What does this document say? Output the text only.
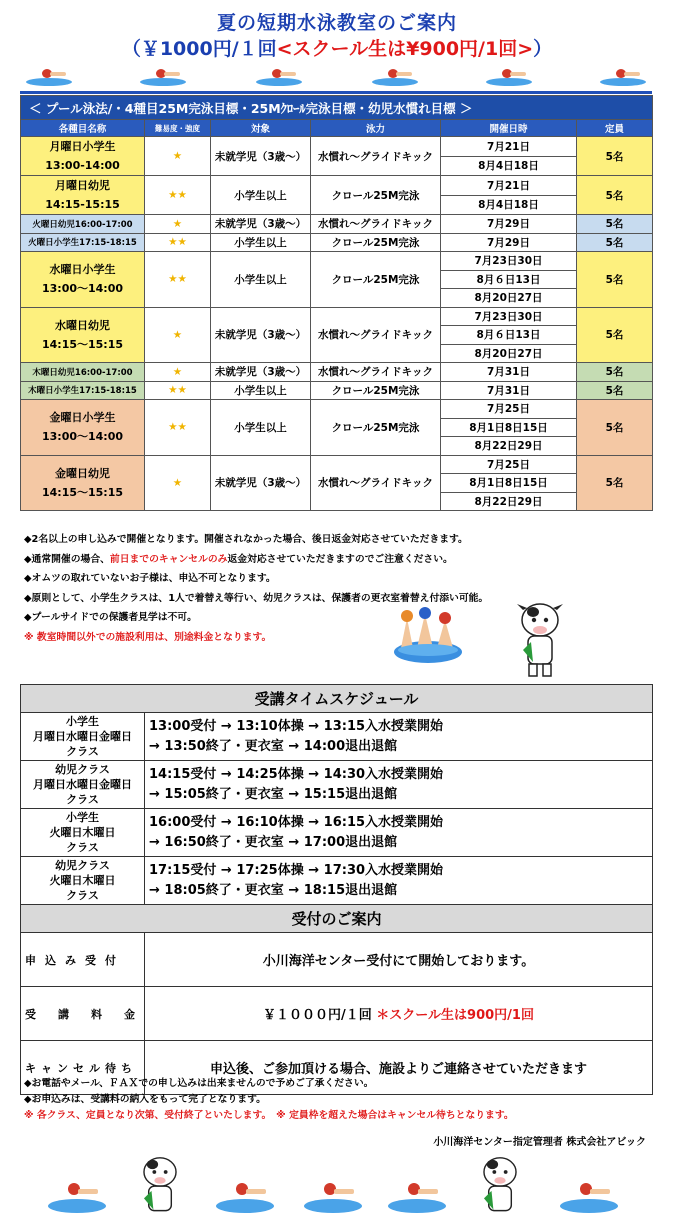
夏の短期水泳教室のご案内
（￥1000円/１回<スクール生は¥900円/1回>）
＜ プール泳法/・4種目25M完泳目標・25Mｸﾛｰﾙ完泳目標・幼児水慣れ目標 ＞					
各種目名称	難易度・強度	対象	泳力	開催日時	定員
月曜日小学生
13:00-14:00	★	未就学児（3歳～）	水慣れ～グライドキック	7月21日	5名
				8月4日18日	
月曜日幼児
14:15-15:15	★★	小学生以上	クロール25M完泳	7月21日	5名
				8月4日18日	
火曜日幼児16:00-17:00	★	未就学児（3歳～）	水慣れ～グライドキック	7月29日	5名
火曜日小学生17:15-18:15	★★	小学生以上	クロール25M完泳	7月29日	5名
水曜日小学生
13:00～14:00	★★	小学生以上	クロール25M完泳	7月23日30日	5名
				8月６日13日	
				8月20日27日	
水曜日幼児
14:15～15:15	★	未就学児（3歳～）	水慣れ～グライドキック	7月23日30日	5名
				8月６日13日	
				8月20日27日	
木曜日幼児16:00-17:00	★	未就学児（3歳～）	水慣れ～グライドキック	7月31日	5名
木曜日小学生17:15-18:15	★★	小学生以上	クロール25M完泳	7月31日	5名
金曜日小学生
13:00～14:00	★★	小学生以上	クロール25M完泳	7月25日	5名
				8月1日8日15日	
				8月22日29日	
金曜日幼児
14:15～15:15	★	未就学児（3歳～）	水慣れ～グライドキック	7月25日	5名
				8月1日8日15日	
				8月22日29日	
◆2名以上の申し込みで開催となります。開催されなかった場合、後日返金対応させていただきます。
◆通常開催の場合、前日までのキャンセルのみ返金対応させていただきますのでご注意ください。
◆オムツの取れていないお子様は、申込不可となります。
◆原則として、小学生クラスは、1人で着替え等行い、幼児クラスは、保護者の更衣室着替え付添い可能。
◆プールサイドでの保護者見学は不可。
※ 教室時間以外での施設利用は、別途料金となります。
受講タイムスケジュール	
小学生
月曜日水曜日金曜日
クラス	13:00受付 → 13:10体操 → 13:15入水授業開始
→ 13:50終了・更衣室 → 14:00退出退館
幼児クラス
月曜日水曜日金曜日
クラス	14:15受付 → 14:25体操 → 14:30入水授業開始
→ 15:05終了・更衣室 → 15:15退出退館
小学生
火曜日木曜日
クラス	16:00受付 → 16:10体操 → 16:15入水授業開始
→ 16:50終了・更衣室 → 17:00退出退館
幼児クラス
火曜日木曜日
クラス	17:15受付 → 17:25体操 → 17:30入水授業開始
→ 18:05終了・更衣室 → 18:15退出退館
受付のご案内	
申込み受付	小川海洋センター受付にて開始しております。
受講料金	￥１０００円/１回 ＊スクール生は900円/1回
キャンセル待ち	申込後、ご参加頂ける場合、施設よりご連絡させていただきます
◆お電話やメール、ＦＡＸでの申し込みは出来ませんので予めご了承ください。
◆お申込みは、受講料の納入をもって完了となります。
※ 各クラス、定員となり次第、受付終了といたします。　※ 定員枠を超えた場合はキャンセル待ちとなります。
小川海洋センター指定管理者 株式会社アビック
